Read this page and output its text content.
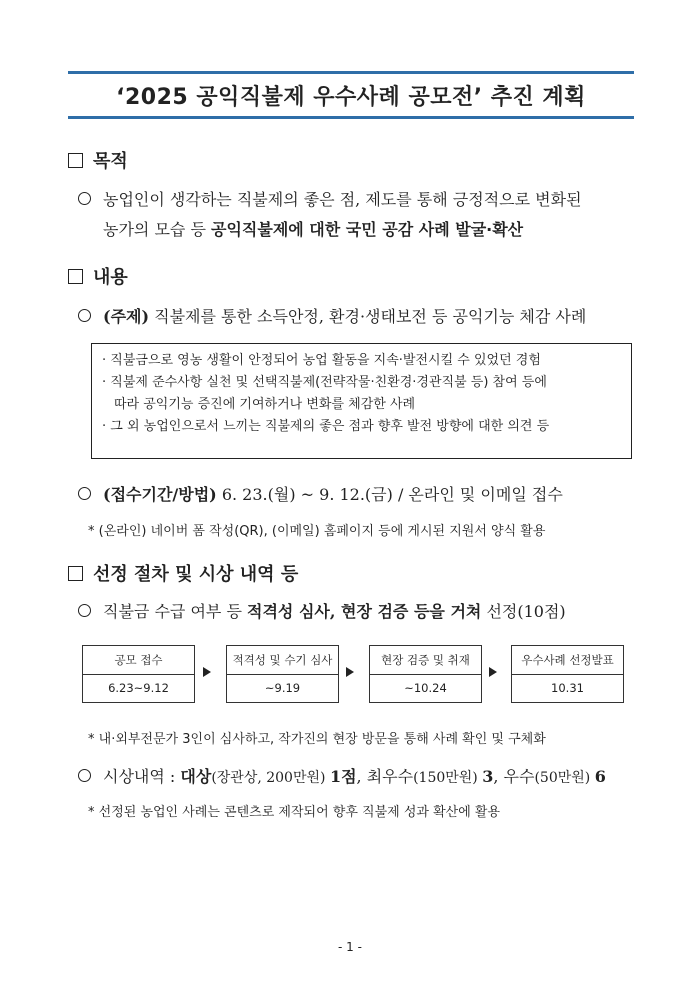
‘2025 공익직불제 우수사례 공모전’ 추진 계획
목적
농업인이 생각하는 직불제의 좋은 점, 제도를 통해 긍정적으로 변화된
농가의 모습 등 공익직불제에 대한 국민 공감 사례 발굴·확산
내용
(주제) 직불제를 통한 소득안정, 환경·생태보전 등 공익기능 체감 사례
· 직불금으로 영농 생활이 안정되어 농업 활동을 지속·발전시킬 수 있었던 경험
· 직불제 준수사항 실천 및 선택직불제(전략작물·친환경·경관직불 등) 참여 등에
따라 공익기능 증진에 기여하거나 변화를 체감한 사례
· 그 외 농업인으로서 느끼는 직불제의 좋은 점과 향후 발전 방향에 대한 의견 등
(접수기간/방법) 6. 23.(월) ~ 9. 12.(금) / 온라인 및 이메일 접수
* (온라인) 네이버 폼 작성(QR), (이메일) 홈페이지 등에 게시된 지원서 양식 활용
선정 절차 및 시상 내역 등
직불금 수급 여부 등 적격성 심사, 현장 검증 등을 거쳐 선정(10점)
공모 접수
6.23~9.12
적격성 및 수기 심사
~9.19
현장 검증 및 취재
~10.24
우수사례 선정발표
10.31
* 내·외부전문가 3인이 심사하고, 작가진의 현장 방문을 통해 사례 확인 및 구체화
시상내역 : 대상(장관상, 200만원) 1점, 최우수(150만원) 3, 우수(50만원) 6
* 선정된 농업인 사례는 콘텐츠로 제작되어 향후 직불제 성과 확산에 활용
- 1 -
